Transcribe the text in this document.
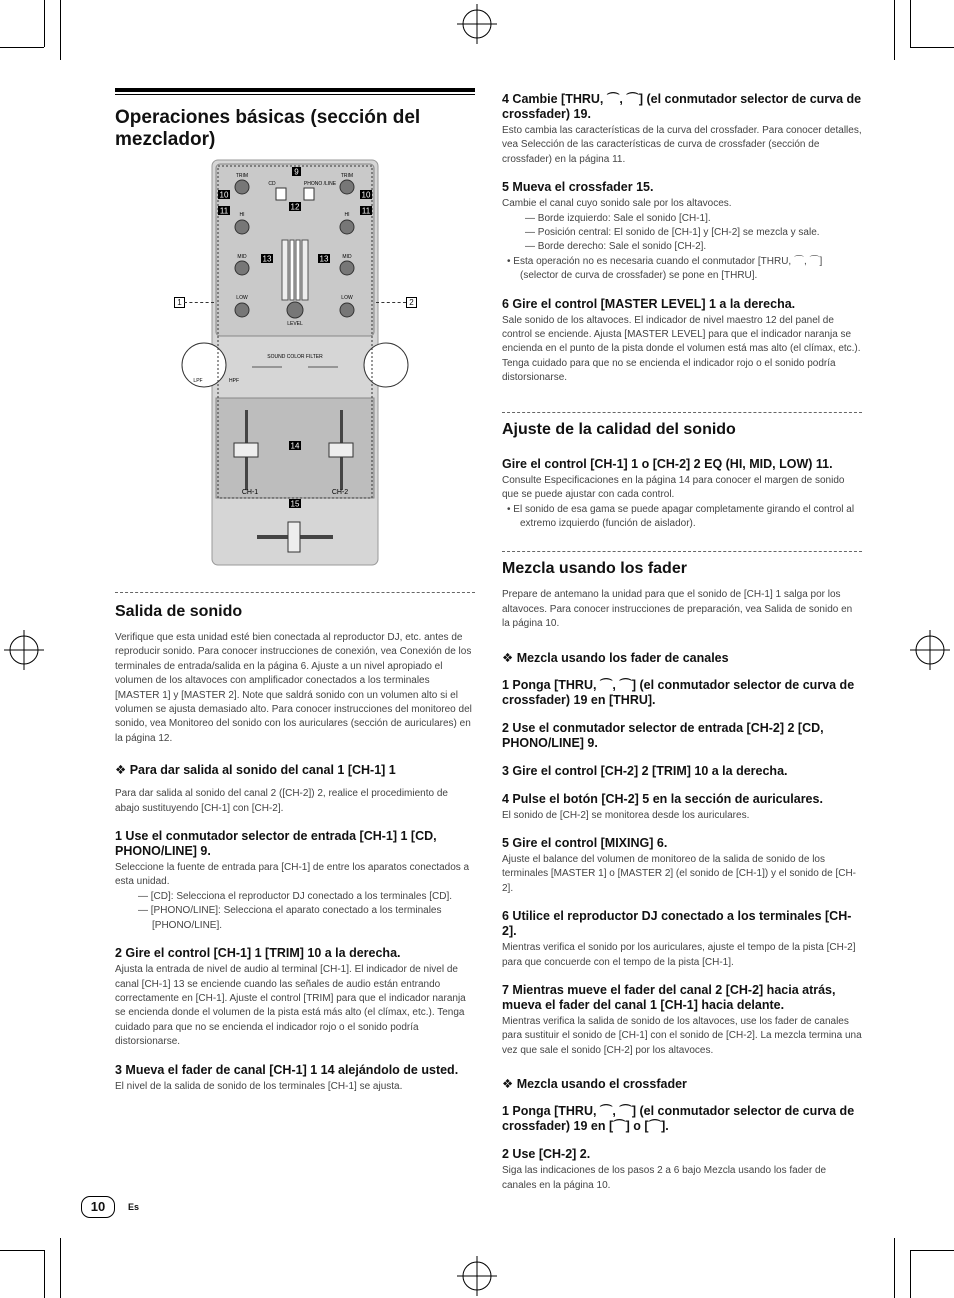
Operaciones básicas (sección del mezclador)
9
10	10
11	11
12
13	13
14
15
TRIM	TRIM
CD	PHONO /LINE
HI	HI
MID	MID
LOW	LOW
LEVEL
SOUND COLOR FILTER
LPF	HPF
CH-1	CH-2
1	2
Salida de sonido

Verifique que esta unidad esté bien conectada al reproductor DJ, etc. antes de reproducir sonido. Para conocer instrucciones de conexión, vea Conexión de los terminales de entrada/salida en la página 6. Ajuste a un nivel apropiado el volumen de los altavoces con amplificador conectados a los terminales [MASTER 1] y [MASTER 2]. Note que saldrá sonido con un volumen alto si el volumen se ajusta demasiado alto. Para conocer instrucciones del monitoreo del sonido, vea Monitoreo del sonido con los auriculares (sección de auriculares) en la página 12.

❖ Para dar salida al sonido del canal 1 [CH-1] 1

Para dar salida al sonido del canal 2 ([CH-2]) 2, realice el procedimiento de abajo sustituyendo [CH-1] con [CH-2].

1 Use el conmutador selector de entrada [CH-1] 1 [CD, PHONO/LINE] 9.

Seleccione la fuente de entrada para [CH-1] de entre los aparatos conectados a esta unidad.

— [CD]: Selecciona el reproductor DJ conectado a los terminales [CD].

— [PHONO/LINE]: Selecciona el aparato conectado a los terminales [PHONO/LINE].

2 Gire el control [CH-1] 1 [TRIM] 10 a la derecha.

Ajusta la entrada de nivel de audio al terminal [CH-1]. El indicador de nivel de canal [CH-1] 13 se enciende cuando las señales de audio están entrando correctamente en [CH-1]. Ajuste el control [TRIM] para que el indicador naranja se encienda donde el volumen de la pista está más alto (el clímax, etc.). Tenga cuidado para que no se encienda el indicador rojo o el sonido podría distorsionarse.

3 Mueva el fader de canal [CH-1] 1 14 alejándolo de usted.

El nivel de la salida de sonido de los terminales [CH-1] se ajusta.

4 Cambie [THRU, ⌒, ⌒] (el conmutador selector de curva de crossfader) 19.

Esto cambia las características de la curva del crossfader. Para conocer detalles, vea Selección de las características de curva de crossfader (sección de crossfader) en la página 11.

5 Mueva el crossfader 15.

Cambie el canal cuyo sonido sale por los altavoces.

— Borde izquierdo: Sale el sonido [CH-1].

— Posición central: El sonido de [CH-1] y [CH-2] se mezcla y sale.

— Borde derecho: Sale el sonido [CH-2].

• Esta operación no es necesaria cuando el conmutador [THRU, ⌒, ⌒] (selector de curva de crossfader) se pone en [THRU].

6 Gire el control [MASTER LEVEL] 1 a la derecha.

Sale sonido de los altavoces. El indicador de nivel maestro 12 del panel de control se enciende. Ajusta [MASTER LEVEL] para que el indicador naranja se encienda en el punto de la pista donde el volumen está mas alto (el clímax, etc.). Tenga cuidado para que no se encienda el indicador rojo o el sonido podría distorsionarse.

Ajuste de la calidad del sonido
Gire el control [CH-1] 1 o [CH-2] 2 EQ (HI, MID, LOW) 11.

Consulte Especificaciones en la página 14 para conocer el margen de sonido que se puede ajustar con cada control.

• El sonido de esa gama se puede apagar completamente girando el control al extremo izquierdo (función de aislador).

Mezcla usando los fader

Prepare de antemano la unidad para que el sonido de [CH-1] 1 salga por los altavoces. Para conocer instrucciones de preparación, vea Salida de sonido en la página 10.

❖ Mezcla usando los fader de canales
1 Ponga [THRU, ⌒, ⌒] (el conmutador selector de curva de crossfader) 19 en [THRU].
2 Use el conmutador selector de entrada [CH-2] 2 [CD, PHONO/LINE] 9.
3 Gire el control [CH-2] 2 [TRIM] 10 a la derecha.
4 Pulse el botón [CH-2] 5 en la sección de auriculares.

El sonido de [CH-2] se monitorea desde los auriculares.

5 Gire el control [MIXING] 6.

Ajuste el balance del volumen de monitoreo de la salida de sonido de los terminales [MASTER 1] o [MASTER 2] (el sonido de [CH-1]) y el sonido de [CH-2].

6 Utilice el reproductor DJ conectado a los terminales [CH-2].

Mientras verifica el sonido por los auriculares, ajuste el tempo de la pista [CH-2] para que concuerde con el tempo de la pista [CH-1].

7 Mientras mueve el fader del canal 2 [CH-2] hacia atrás, mueva el fader del canal 1 [CH-1] hacia delante.

Mientras verifica la salida de sonido de los altavoces, use los fader de canales para sustituir el sonido de [CH-1] con el sonido de [CH-2]. La mezcla termina una vez que sale el sonido [CH-2] por los altavoces.

❖ Mezcla usando el crossfader
1 Ponga [THRU, ⌒, ⌒] (el conmutador selector de curva de crossfader) 19 en [⌒] o [⌒].
2 Use [CH-2] 2.

Siga las indicaciones de los pasos 2 a 6 bajo Mezcla usando los fader de canales en la página 10.

10	Es
